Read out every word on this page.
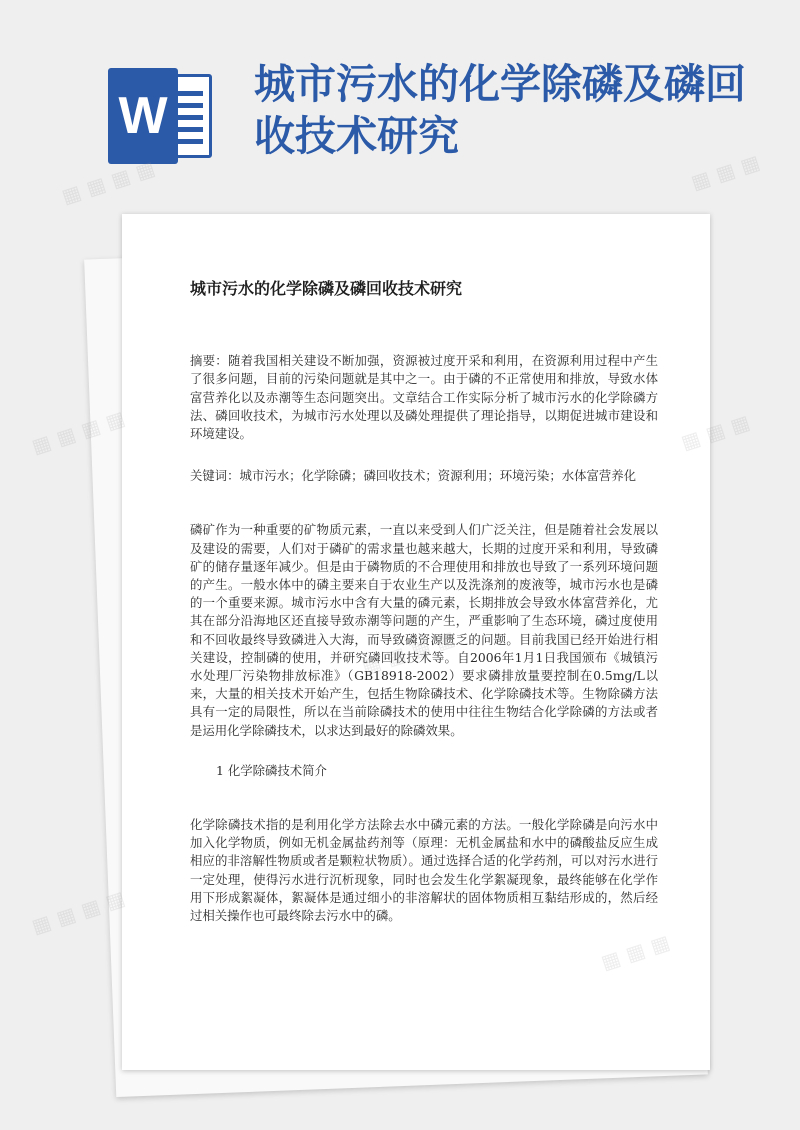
W
城市污水的化学除磷及磷回收技术研究
城市污水的化学除磷及磷回收技术研究

摘要：随着我国相关建设不断加强，资源被过度开采和利用，在资源利用过程中产生了很多问题，目前的污染问题就是其中之一。由于磷的不正常使用和排放，导致水体富营养化以及赤潮等生态问题突出。文章结合工作实际分析了城市污水的化学除磷方法、磷回收技术，为城市污水处理以及磷处理提供了理论指导，以期促进城市建设和环境建设。

关键词：城市污水；化学除磷；磷回收技术；资源利用；环境污染；水体富营养化

磷矿作为一种重要的矿物质元素，一直以来受到人们广泛关注，但是随着社会发展以及建设的需要，人们对于磷矿的需求量也越来越大，长期的过度开采和利用，导致磷矿的储存量逐年减少。但是由于磷物质的不合理使用和排放也导致了一系列环境问题的产生。一般水体中的磷主要来自于农业生产以及洗涤剂的废液等，城市污水也是磷的一个重要来源。城市污水中含有大量的磷元素，长期排放会导致水体富营养化，尤其在部分沿海地区还直接导致赤潮等问题的产生，严重影响了生态环境，磷过度使用和不回收最终导致磷进入大海，而导致磷资源匮乏的问题。目前我国已经开始进行相关建设，控制磷的使用，并研究磷回收技术等。自2006年1月1日我国颁布《城镇污水处理厂污染物排放标准》（GB18918-2002）要求磷排放量要控制在0.5mg/L以来，大量的相关技术开始产生，包括生物除磷技术、化学除磷技术等。生物除磷方法具有一定的局限性，所以在当前除磷技术的使用中往往生物结合化学除磷的方法或者是运用化学除磷技术，以求达到最好的除磷效果。

1 化学除磷技术简介

化学除磷技术指的是利用化学方法除去水中磷元素的方法。一般化学除磷是向污水中加入化学物质，例如无机金属盐药剂等（原理：无机金属盐和水中的磷酸盐反应生成相应的非溶解性物质或者是颗粒状物质）。通过选择合适的化学药剂，可以对污水进行一定处理，使得污水进行沉析现象，同时也会发生化学絮凝现象，最终能够在化学作用下形成絮凝体，絮凝体是通过细小的非溶解状的固体物质相互黏结形成的，然后经过相关操作也可最终除去污水中的磷。

▦ ▦ ▦ ▦	▦ ▦ ▦
▦ ▦ ▦ ▦	▦ ▦ ▦
▦ ▦ ▦ ▦
